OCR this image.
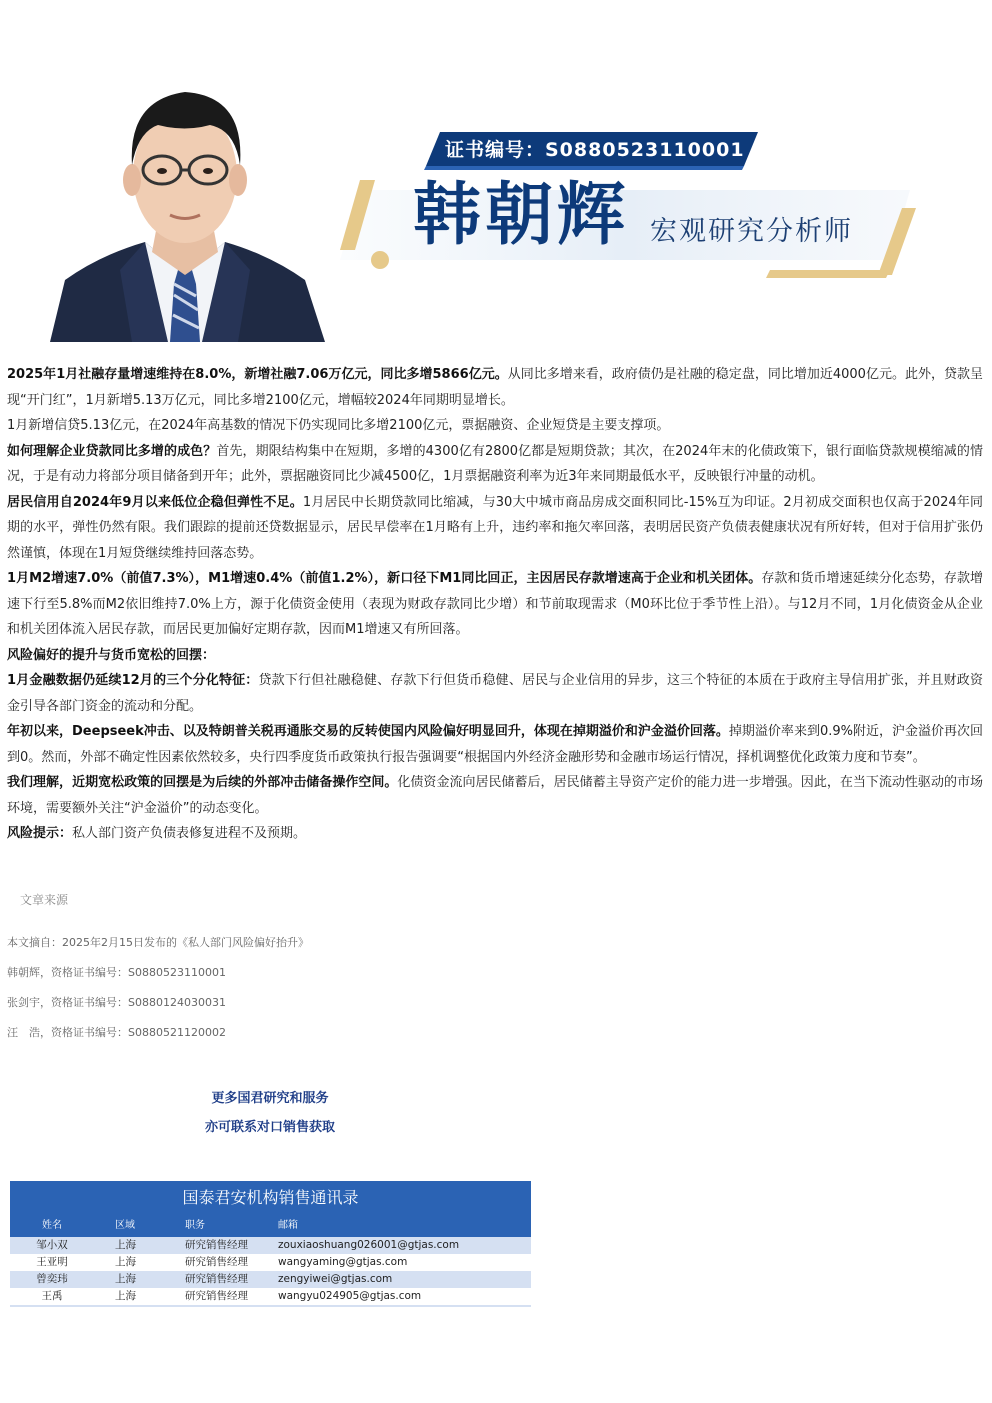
证书编号：S0880523110001
韩朝辉 宏观研究分析师

2025年1月社融存量增速维持在8.0%，新增社融7.06万亿元，同比多增5866亿元。从同比多增来看，政府债仍是社融的稳定盘，同比增加近4000亿元。此外，贷款呈现“开门红”，1月新增5.13万亿元，同比多增2100亿元，增幅较2024年同期明显增长。

1月新增信贷5.13亿元，在2024年高基数的情况下仍实现同比多增2100亿元，票据融资、企业短贷是主要支撑项。

如何理解企业贷款同比多增的成色？首先，期限结构集中在短期，多增的4300亿有2800亿都是短期贷款；其次，在2024年末的化债政策下，银行面临贷款规模缩减的情况，于是有动力将部分项目储备到开年；此外，票据融资同比少减4500亿，1月票据融资利率为近3年来同期最低水平，反映银行冲量的动机。

居民信用自2024年9月以来低位企稳但弹性不足。1月居民中长期贷款同比缩减，与30大中城市商品房成交面积同比-15%互为印证。2月初成交面积也仅高于2024年同期的水平，弹性仍然有限。我们跟踪的提前还贷数据显示，居民早偿率在1月略有上升，违约率和拖欠率回落，表明居民资产负债表健康状况有所好转，但对于信用扩张仍然谨慎，体现在1月短贷继续维持回落态势。

1月M2增速7.0%（前值7.3%），M1增速0.4%（前值1.2%），新口径下M1同比回正，主因居民存款增速高于企业和机关团体。存款和货币增速延续分化态势，存款增速下行至5.8%而M2依旧维持7.0%上方，源于化债资金使用（表现为财政存款同比少增）和节前取现需求（M0环比位于季节性上沿）。与12月不同，1月化债资金从企业和机关团体流入居民存款，而居民更加偏好定期存款，因而M1增速又有所回落。

风险偏好的提升与货币宽松的回摆：

1月金融数据仍延续12月的三个分化特征：贷款下行但社融稳健、存款下行但货币稳健、居民与企业信用的异步，这三个特征的本质在于政府主导信用扩张，并且财政资金引导各部门资金的流动和分配。

年初以来，Deepseek冲击、以及特朗普关税再通胀交易的反转使国内风险偏好明显回升，体现在掉期溢价和沪金溢价回落。掉期溢价率来到0.9%附近，沪金溢价再次回到0。然而，外部不确定性因素依然较多，央行四季度货币政策执行报告强调要“根据国内外经济金融形势和金融市场运行情况，择机调整优化政策力度和节奏”。

我们理解，近期宽松政策的回摆是为后续的外部冲击储备操作空间。化债资金流向居民储蓄后，居民储蓄主导资产定价的能力进一步增强。因此，在当下流动性驱动的市场环境，需要额外关注“沪金溢价”的动态变化。

风险提示：私人部门资产负债表修复进程不及预期。

文章来源
本文摘自：2025年2月15日发布的《私人部门风险偏好抬升》
韩朝辉，资格证书编号：S0880523110001
张剑宇，资格证书编号：S0880124030031
汪　浩，资格证书编号：S0880521120002
更多国君研究和服务
亦可联系对口销售获取
国泰君安机构销售通讯录
姓名	区域	职务	邮箱
邹小双	上海	研究销售经理	zouxiaoshuang026001@gtjas.com
王亚明	上海	研究销售经理	wangyaming@gtjas.com
曾奕玮	上海	研究销售经理	zengyiwei@gtjas.com
王禹	上海	研究销售经理	wangyu024905@gtjas.com
